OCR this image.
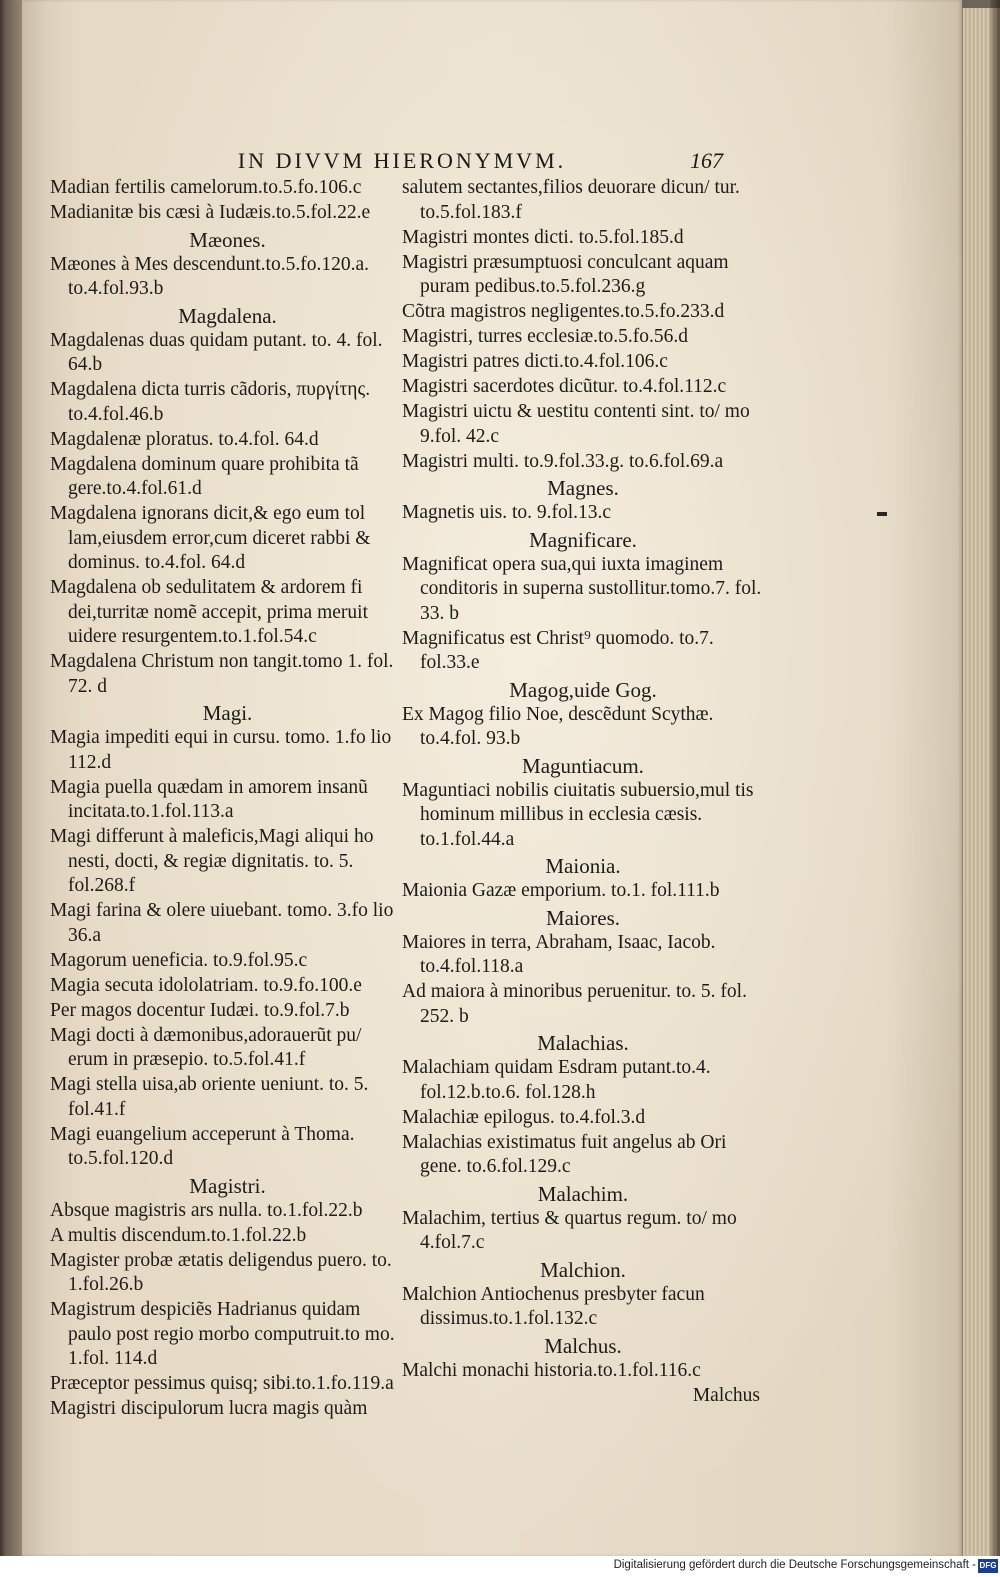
IN DIVVM HIERONYMVM.	167
Madian fertilis camelorum.to.5.fo.106.c
Madianitæ bis cæsi à Iudæis.to.5.fol.22.e
Mæones.
Mæones à Mes descendunt.to.5.fo.120.a. to.4.fol.93.b
Magdalena.
Magdalenas duas quidam putant. to. 4. fol. 64.b
Magdalena dicta turris cãdoris, πυργίτης. to.4.fol.46.b
Magdalenæ ploratus. to.4.fol. 64.d
Magdalena dominum quare prohibita tã gere.to.4.fol.61.d
Magdalena ignorans dicit,& ego eum tol lam,eiusdem error,cum diceret rabbi & dominus. to.4.fol. 64.d
Magdalena ob sedulitatem & ardorem fi dei,turritæ nomẽ accepit, prima meruit uidere resurgentem.to.1.fol.54.c
Magdalena Christum non tangit.tomo 1. fol. 72. d
Magi.
Magia impediti equi in cursu. tomo. 1.fo lio 112.d
Magia puella quædam in amorem insanũ incitata.to.1.fol.113.a
Magi differunt à maleficis,Magi aliqui ho nesti, docti, & regiæ dignitatis. to. 5. fol.268.f
Magi farina & olere uiuebant. tomo. 3.fo lio 36.a
Magorum ueneficia. to.9.fol.95.c
Magia secuta idololatriam. to.9.fo.100.e
Per magos docentur Iudæi. to.9.fol.7.b
Magi docti à dæmonibus,adorauerũt pu/ erum in præsepio. to.5.fol.41.f
Magi stella uisa,ab oriente ueniunt. to. 5. fol.41.f
Magi euangelium acceperunt à Thoma. to.5.fol.120.d
Magistri.
Absque magistris ars nulla. to.1.fol.22.b
A multis discendum.to.1.fol.22.b
Magister probæ ætatis deligendus puero. to. 1.fol.26.b
Magistrum despiciẽs Hadrianus quidam paulo post regio morbo computruit.to mo. 1.fol. 114.d
Præceptor pessimus quisq; sibi.to.1.fo.119.a
Magistri discipulorum lucra magis quàm
salutem sectantes,filios deuorare dicun/ tur. to.5.fol.183.f
Magistri montes dicti. to.5.fol.185.d
Magistri præsumptuosi conculcant aquam puram pedibus.to.5.fol.236.g
Cõtra magistros negligentes.to.5.fo.233.d
Magistri, turres ecclesiæ.to.5.fo.56.d
Magistri patres dicti.to.4.fol.106.c
Magistri sacerdotes dicũtur. to.4.fol.112.c
Magistri uictu & uestitu contenti sint. to/ mo 9.fol. 42.c
Magistri multi. to.9.fol.33.g. to.6.fol.69.a
Magnes.
Magnetis uis. to. 9.fol.13.c
Magnificare.
Magnificat opera sua,qui iuxta imaginem conditoris in superna sustollitur.tomo.7. fol. 33. b
Magnificatus est Christ⁹ quomodo. to.7. fol.33.e
Magog,uide Gog.
Ex Magog filio Noe, descẽdunt Scythæ. to.4.fol. 93.b
Maguntiacum.
Maguntiaci nobilis ciuitatis subuersio,mul tis hominum millibus in ecclesia cæsis. to.1.fol.44.a
Maionia.
Maionia Gazæ emporium. to.1. fol.111.b
Maiores.
Maiores in terra, Abraham, Isaac, Iacob. to.4.fol.118.a
Ad maiora à minoribus peruenitur. to. 5. fol. 252. b
Malachias.
Malachiam quidam Esdram putant.to.4. fol.12.b.to.6. fol.128.h
Malachiæ epilogus. to.4.fol.3.d
Malachias existimatus fuit angelus ab Ori gene. to.6.fol.129.c
Malachim.
Malachim, tertius & quartus regum. to/ mo 4.fol.7.c
Malchion.
Malchion Antiochenus presbyter facun dissimus.to.1.fol.132.c
Malchus.
Malchi monachi historia.to.1.fol.116.c
Malchus
Digitalisierung gefördert durch die Deutsche Forschungsgemeinschaft - DFG
